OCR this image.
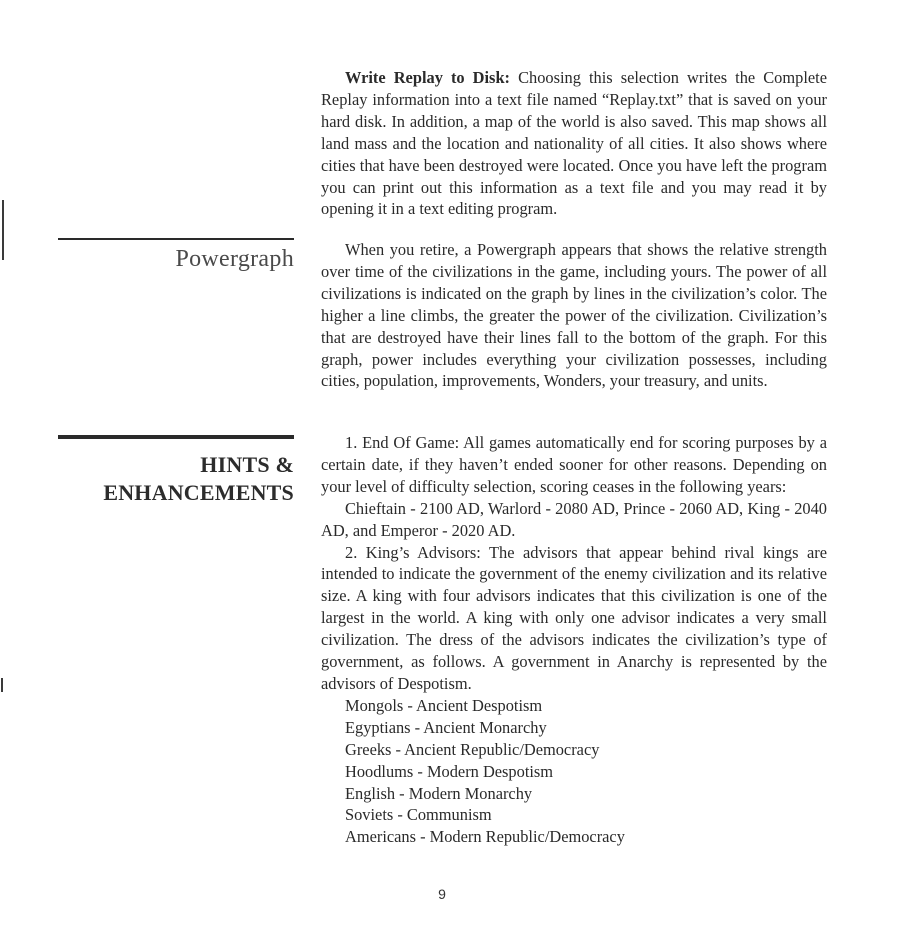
Write Replay to Disk: Choosing this selection writes the Complete Replay information into a text file named “Replay.txt” that is saved on your hard disk. In addition, a map of the world is also saved. This map shows all land mass and the location and nationality of all cities. It also shows where cities that have been destroyed were located. Once you have left the program you can print out this information as a text file and you may read it by opening it in a text editing program.

Powergraph	When you retire, a Powergraph appears that shows the relative strength over time of the civilizations in the game, including yours. The power of all civilizations is indicated on the graph by lines in the civilization’s color. The higher a line climbs, the greater the power of the civilization. Civilization’s that are destroyed have their lines fall to the bottom of the graph. For this graph, power includes everything your civilization possesses, including cities, population, improvements, Wonders, your treasury, and units.

HINTS &
ENHANCEMENTS

1. End Of Game: All games automatically end for scoring purposes by a certain date, if they haven’t ended sooner for other reasons. Depending on your level of difficulty selection, scoring ceases in the following years:

Chieftain - 2100 AD, Warlord - 2080 AD, Prince - 2060 AD, King - 2040 AD, and Emperor - 2020 AD.

2. King’s Advisors: The advisors that appear behind rival kings are intended to indicate the government of the enemy civilization and its relative size. A king with four advisors indicates that this civilization is one of the largest in the world. A king with only one advisor indicates a very small civilization. The dress of the advisors indicates the civilization’s type of government, as follows. A government in Anarchy is represented by the advisors of Despotism.

Mongols - Ancient Despotism
Egyptians - Ancient Monarchy
Greeks - Ancient Republic/Democracy
Hoodlums - Modern Despotism
English - Modern Monarchy
Soviets - Communism
Americans - Modern Republic/Democracy
9
